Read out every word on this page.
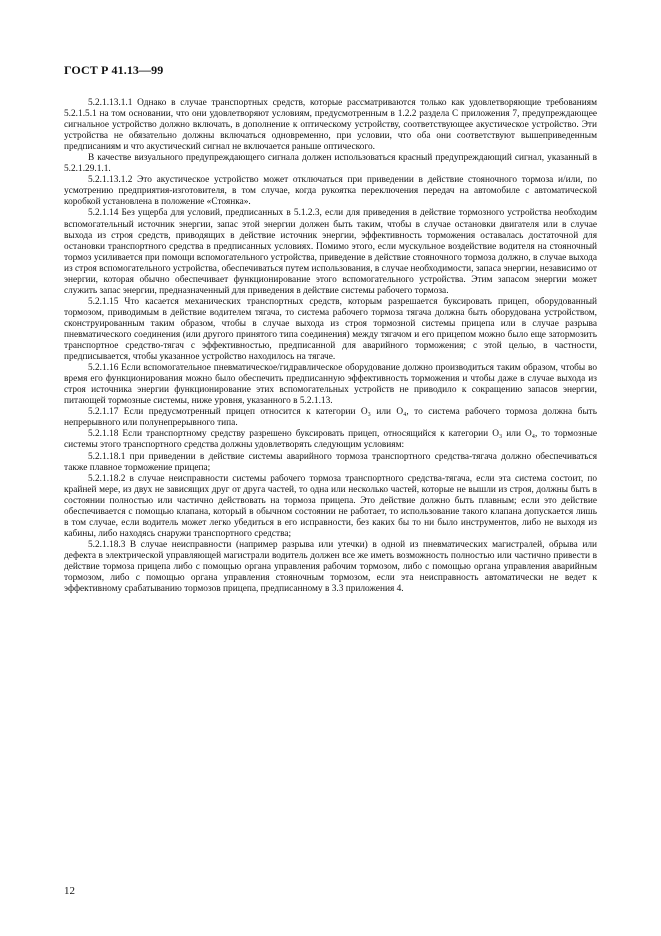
ГОСТ Р 41.13—99

5.2.1.13.1.1 Однако в случае транспортных средств, которые рассматриваются только как удовлетворяющие требованиям 5.2.1.5.1 на том основании, что они удовлетворяют условиям, предусмотренным в 1.2.2 раздела С приложения 7, предупреждающее сигнальное устройство должно включать, в дополнение к оптическому устройству, соответствующее акустическое устройство. Эти устройства не обязательно должны включаться одновременно, при условии, что оба они соответствуют вышеприведенным предписаниям и что акустический сигнал не включается раньше оптического.

В качестве визуального предупреждающего сигнала должен использоваться красный предупреждающий сигнал, указанный в 5.2.1.29.1.1.

5.2.1.13.1.2 Это акустическое устройство может отключаться при приведении в действие стояночного тормоза и/или, по усмотрению предприятия-изготовителя, в том случае, когда рукоятка переключения передач на автомобиле с автоматической коробкой установлена в положение «Стоянка».

5.2.1.14 Без ущерба для условий, предписанных в 5.1.2.3, если для приведения в действие тормозного устройства необходим вспомогательный источник энергии, запас этой энергии должен быть таким, чтобы в случае остановки двигателя или в случае выхода из строя средств, приводящих в действие источник энергии, эффективность торможения оставалась достаточной для остановки транспортного средства в предписанных условиях. Помимо этого, если мускульное воздействие водителя на стояночный тормоз усиливается при помощи вспомогательного устройства, приведение в действие стояночного тормоза должно, в случае выхода из строя вспомогательного устройства, обеспечиваться путем использования, в случае необходимости, запаса энергии, независимо от энергии, которая обычно обеспечивает функционирование этого вспомогательного устройства. Этим запасом энергии может служить запас энергии, предназначенный для приведения в действие системы рабочего тормоза.

5.2.1.15 Что касается механических транспортных средств, которым разрешается буксировать прицеп, оборудованный тормозом, приводимым в действие водителем тягача, то система рабочего тормоза тягача должна быть оборудована устройством, сконструированным таким образом, чтобы в случае выхода из строя тормозной системы прицепа или в случае разрыва пневматического соединения (или другого принятого типа соединения) между тягачом и его прицепом можно было еще затормозить транспортное средство-тягач с эффективностью, предписанной для аварийного торможения; с этой целью, в частности, предписывается, чтобы указанное устройство находилось на тягаче.

5.2.1.16 Если вспомогательное пневматическое/гидравлическое оборудование должно производиться таким образом, чтобы во время его функционирования можно было обеспечить предписанную эффективность торможения и чтобы даже в случае выхода из строя источника энергии функционирование этих вспомогательных устройств не приводило к сокращению запасов энергии, питающей тормозные системы, ниже уровня, указанного в 5.2.1.13.

5.2.1.17 Если предусмотренный прицеп относится к категории O₃ или O₄, то система рабочего тормоза должна быть непрерывного или полунепрерывного типа.

5.2.1.18 Если транспортному средству разрешено буксировать прицеп, относящийся к категории O₃ или O₄, то тормозные системы этого транспортного средства должны удовлетворять следующим условиям:

5.2.1.18.1 при приведении в действие системы аварийного тормоза транспортного средства-тягача должно обеспечиваться также плавное торможение прицепа;

5.2.1.18.2 в случае неисправности системы рабочего тормоза транспортного средства-тягача, если эта система состоит, по крайней мере, из двух не зависящих друг от друга частей, то одна или несколько частей, которые не вышли из строя, должны быть в состоянии полностью или частично действовать на тормоза прицепа. Это действие должно быть плавным; если это действие обеспечивается с помощью клапана, который в обычном состоянии не работает, то использование такого клапана допускается лишь в том случае, если водитель может легко убедиться в его исправности, без каких бы то ни было инструментов, либо не выходя из кабины, либо находясь снаружи транспортного средства;

5.2.1.18.3 В случае неисправности (например разрыва или утечки) в одной из пневматических магистралей, обрыва или дефекта в электрической управляющей магистрали водитель должен все же иметь возможность полностью или частично привести в действие тормоза прицепа либо с помощью органа управления рабочим тормозом, либо с помощью органа управления аварийным тормозом, либо с помощью органа управления стояночным тормозом, если эта неисправность автоматически не ведет к эффективному срабатыванию тормозов прицепа, предписанному в 3.3 приложения 4.

12
